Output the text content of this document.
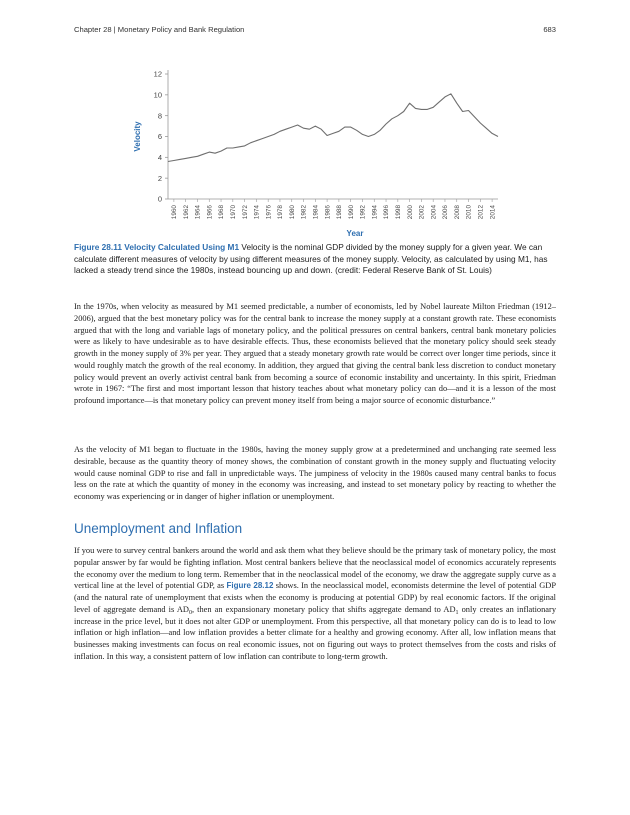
Chapter 28 | Monetary Policy and Bank Regulation	683
0
2
4
6
8
10
12
1960 1962 1964 1966 1968 1970 1972 1974 1976 1978 1980 1982 1984 1986 1988 1990 1992 1994 1996 1998 2000 2002 2004 2006 2008 2010 2012 2014
Velocity
Year
Figure 28.11 Velocity Calculated Using M1 Velocity is the nominal GDP divided by the money supply for a given year. We can calculate different measures of velocity by using different measures of the money supply. Velocity, as calculated by using M1, has lacked a steady trend since the 1980s, instead bouncing up and down. (credit: Federal Reserve Bank of St. Louis)

In the 1970s, when velocity as measured by M1 seemed predictable, a number of economists, led by Nobel laureate Milton Friedman (1912–2006), argued that the best monetary policy was for the central bank to increase the money supply at a constant growth rate. These economists argued that with the long and variable lags of monetary policy, and the political pressures on central bankers, central bank monetary policies were as likely to have undesirable as to have desirable effects. Thus, these economists believed that the monetary policy should seek steady growth in the money supply of 3% per year. They argued that a steady monetary growth rate would be correct over longer time periods, since it would roughly match the growth of the real economy. In addition, they argued that giving the central bank less discretion to conduct monetary policy would prevent an overly activist central bank from becoming a source of economic instability and uncertainty. In this spirit, Friedman wrote in 1967: “The first and most important lesson that history teaches about what monetary policy can do—and it is a lesson of the most profound importance—is that monetary policy can prevent money itself from being a major source of economic disturbance.”

As the velocity of M1 began to fluctuate in the 1980s, having the money supply grow at a predetermined and unchanging rate seemed less desirable, because as the quantity theory of money shows, the combination of constant growth in the money supply and fluctuating velocity would cause nominal GDP to rise and fall in unpredictable ways. The jumpiness of velocity in the 1980s caused many central banks to focus less on the rate at which the quantity of money in the economy was increasing, and instead to set monetary policy by reacting to whether the economy was experiencing or in danger of higher inflation or unemployment.

Unemployment and Inflation

If you were to survey central bankers around the world and ask them what they believe should be the primary task of monetary policy, the most popular answer by far would be fighting inflation. Most central bankers believe that the neoclassical model of economics accurately represents the economy over the medium to long term. Remember that in the neoclassical model of the economy, we draw the aggregate supply curve as a vertical line at the level of potential GDP, as Figure 28.12 shows. In the neoclassical model, economists determine the level of potential GDP (and the natural rate of unemployment that exists when the economy is producing at potential GDP) by real economic factors. If the original level of aggregate demand is $AD_0$, then an expansionary monetary policy that shifts aggregate demand to $AD_1$ only creates an inflationary increase in the price level, but it does not alter GDP or unemployment. From this perspective, all that monetary policy can do is to lead to low inflation or high inflation—and low inflation provides a better climate for a healthy and growing economy. After all, low inflation means that businesses making investments can focus on real economic issues, not on figuring out ways to protect themselves from the costs and risks of inflation. In this way, a consistent pattern of low inflation can contribute to long-term growth.
